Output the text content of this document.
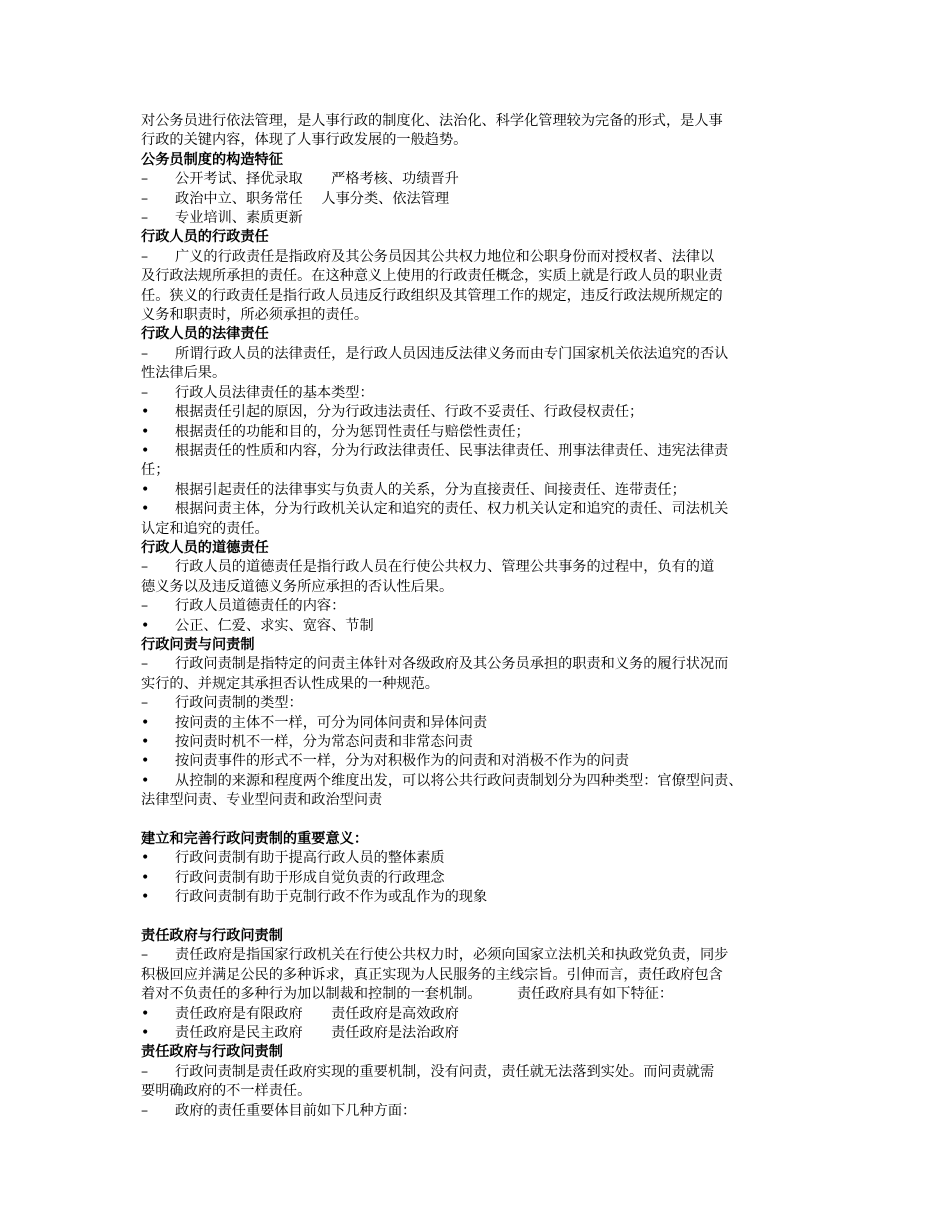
对公务员进行依法管理，是人事行政的制度化、法治化、科学化管理较为完备的形式，是人事
行政的关键内容，体现了人事行政发展的一般趋势。
公务员制度的构造特征
– 公开考试、择优录取　　严格考核、功绩晋升
– 政治中立、职务常任　 人事分类、依法管理
– 专业培训、素质更新
行政人员的行政责任
– 广义的行政责任是指政府及其公务员因其公共权力地位和公职身份而对授权者、法律以
及行政法规所承担的责任。在这种意义上使用的行政责任概念，实质上就是行政人员的职业责
任。狭义的行政责任是指行政人员违反行政组织及其管理工作的规定，违反行政法规所规定的
义务和职责时，所必须承担的责任。
行政人员的法律责任
– 所谓行政人员的法律责任，是行政人员因违反法律义务而由专门国家机关依法追究的否认
性法律后果。
– 行政人员法律责任的基本类型：
• 根据责任引起的原因，分为行政违法责任、行政不妥责任、行政侵权责任；
• 根据责任的功能和目的，分为惩罚性责任与赔偿性责任；
• 根据责任的性质和内容，分为行政法律责任、民事法律责任、刑事法律责任、违宪法律责
任；
• 根据引起责任的法律事实与负责人的关系，分为直接责任、间接责任、连带责任；
• 根据问责主体，分为行政机关认定和追究的责任、权力机关认定和追究的责任、司法机关
认定和追究的责任。
行政人员的道德责任
– 行政人员的道德责任是指行政人员在行使公共权力、管理公共事务的过程中，负有的道
德义务以及违反道德义务所应承担的否认性后果。
– 行政人员道德责任的内容：
• 公正、仁爱、求实、宽容、节制
行政问责与问责制
– 行政问责制是指特定的问责主体针对各级政府及其公务员承担的职责和义务的履行状况而
实行的、并规定其承担否认性成果的一种规范。
– 行政问责制的类型：
• 按问责的主体不一样，可分为同体问责和异体问责
• 按问责时机不一样，分为常态问责和非常态问责
• 按问责事件的形式不一样，分为对积极作为的问责和对消极不作为的问责
• 从控制的来源和程度两个维度出发，可以将公共行政问责制划分为四种类型：官僚型问责、
法律型问责、专业型问责和政治型问责
建立和完善行政问责制的重要意义：
• 行政问责制有助于提高行政人员的整体素质
• 行政问责制有助于形成自觉负责的行政理念
• 行政问责制有助于克制行政不作为或乱作为的现象
责任政府与行政问责制
– 责任政府是指国家行政机关在行使公共权力时，必须向国家立法机关和执政党负责，同步
积极回应并满足公民的多种诉求，真正实现为人民服务的主线宗旨。引伸而言，责任政府包含
着对不负责任的多种行为加以制裁和控制的一套机制。　　　责任政府具有如下特征：
• 责任政府是有限政府　　责任政府是高效政府
• 责任政府是民主政府　　责任政府是法治政府
责任政府与行政问责制
– 行政问责制是责任政府实现的重要机制，没有问责，责任就无法落到实处。而问责就需
要明确政府的不一样责任。
– 政府的责任重要体目前如下几种方面：
